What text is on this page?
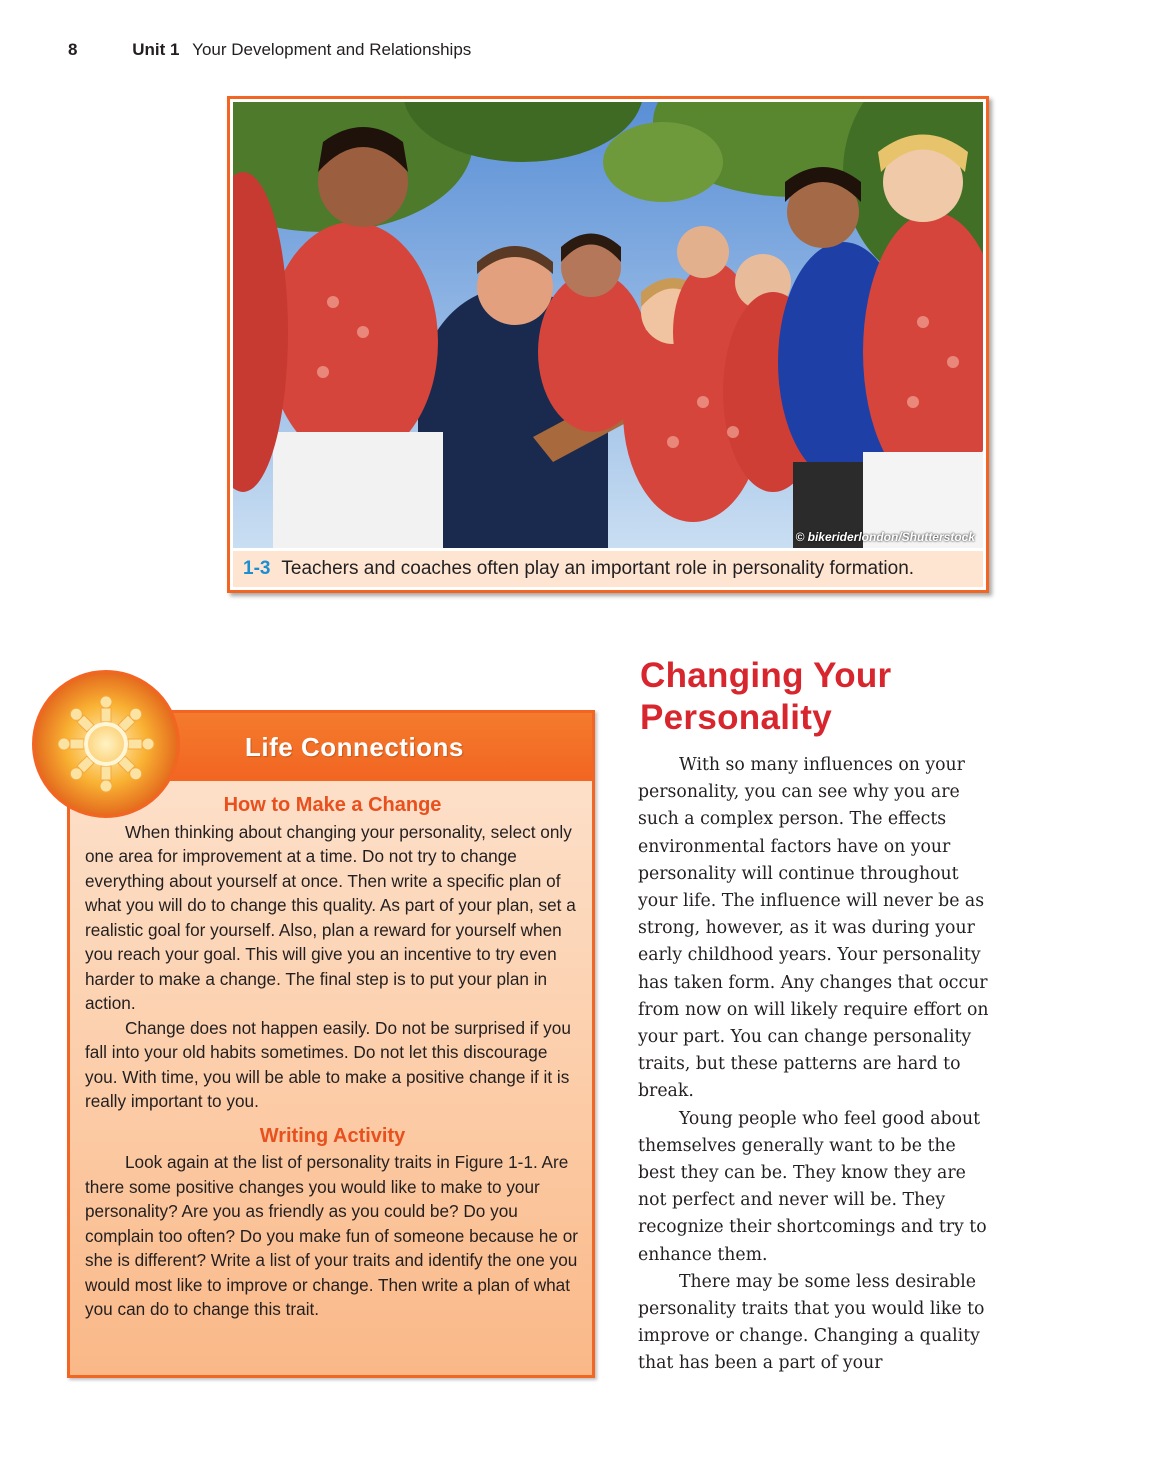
8	Unit 1 Your Development and Relationships
© bikeriderlondon/Shutterstock
1-3 Teachers and coaches often play an important role in personality formation.
Life Connections
How to Make a Change

When thinking about changing your personality, select only one area for improvement at a time. Do not try to change everything about yourself at once. Then write a specific plan of what you will do to change this quality. As part of your plan, set a realistic goal for yourself. Also, plan a reward for yourself when you reach your goal. This will give you an incentive to try even harder to make a change. The final step is to put your plan in action.

Change does not happen easily. Do not be surprised if you fall into your old habits sometimes. Do not let this discourage you. With time, you will be able to make a positive change if it is really important to you.

Writing Activity

Look again at the list of personality traits in Figure 1-1. Are there some positive changes you would like to make to your personality? Are you as friendly as you could be? Do you complain too often? Do you make fun of someone because he or she is different? Write a list of your traits and identify the one you would most like to improve or change. Then write a plan of what you can do to change this trait.

Changing Your
Personality

With so many influences on your personality, you can see why you are such a complex person. The effects environmental factors have on your personality will continue throughout your life. The influence will never be as strong, however, as it was during your early childhood years. Your personality has taken form. Any changes that occur from now on will likely require effort on your part. You can change personality traits, but these patterns are hard to break.

Young people who feel good about themselves generally want to be the best they can be. They know they are not perfect and never will be. They recognize their shortcomings and try to enhance them.

There may be some less desirable personality traits that you would like to improve or change. Changing a quality that has been a part of your
